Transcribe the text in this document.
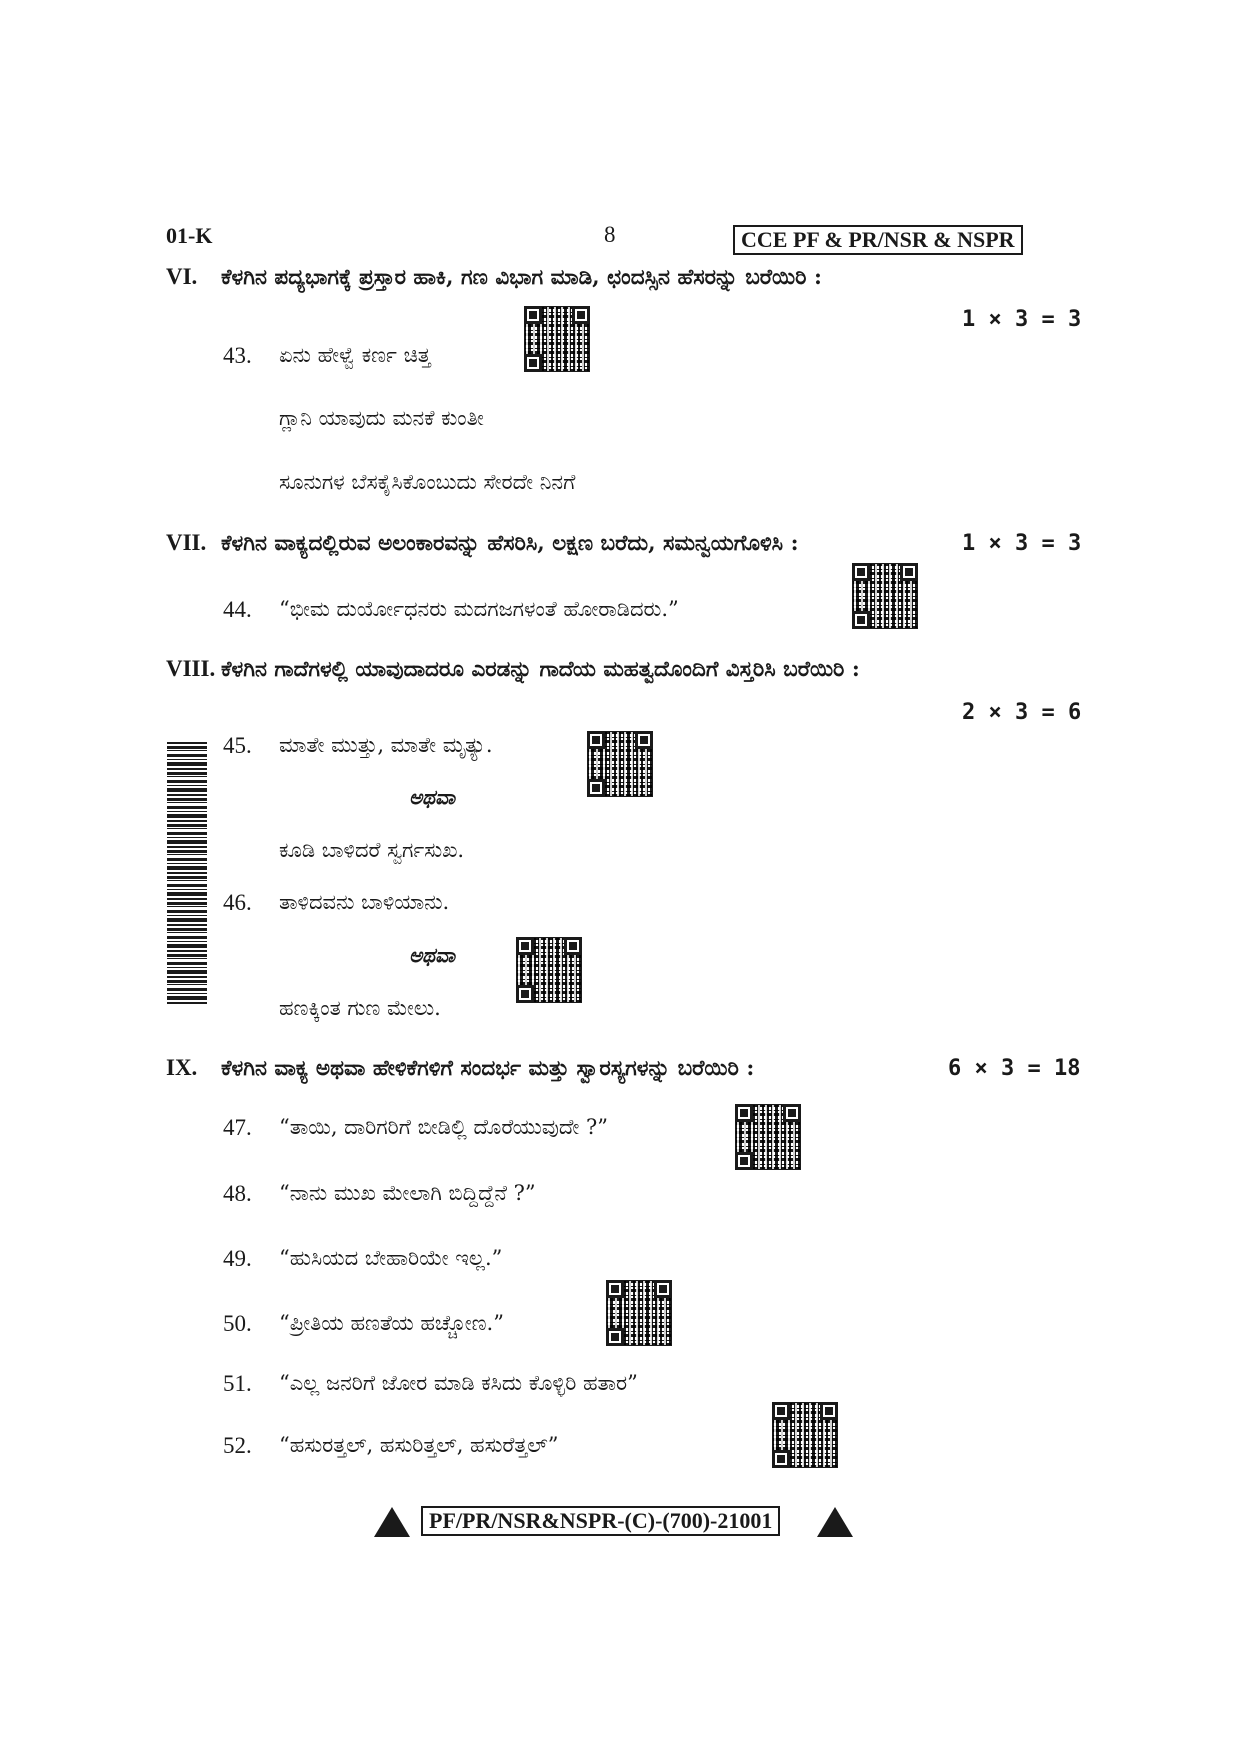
01-K	8	CCE PF & PR/NSR & NSPR
VI. ಕೆಳಗಿನ ಪದ್ಯಭಾಗಕ್ಕೆ ಪ್ರಸ್ತಾರ ಹಾಕಿ, ಗಣ ವಿಭಾಗ ಮಾಡಿ, ಛಂದಸ್ಸಿನ ಹೆಸರನ್ನು ಬರೆಯಿರಿ :
1 × 3 = 3
43. ಏನು ಹೇಳ್ವೆ ಕರ್ಣ ಚಿತ್ತ
ಗ್ಲಾನಿ ಯಾವುದು ಮನಕೆ ಕುಂತೀ
ಸೂನುಗಳ ಬೆಸಕೈಸಿಕೊಂಬುದು ಸೇರದೇ ನಿನಗೆ
VII. ಕೆಳಗಿನ ವಾಕ್ಯದಲ್ಲಿರುವ ಅಲಂಕಾರವನ್ನು ಹೆಸರಿಸಿ, ಲಕ್ಷಣ ಬರೆದು, ಸಮನ್ವಯಗೊಳಿಸಿ :	1 × 3 = 3
44. “ಭೀಮ ದುರ್ಯೋಧನರು ಮದಗಜಗಳಂತೆ ಹೋರಾಡಿದರು.”
VIII. ಕೆಳಗಿನ ಗಾದೆಗಳಲ್ಲಿ ಯಾವುದಾದರೂ ಎರಡನ್ನು ಗಾದೆಯ ಮಹತ್ವದೊಂದಿಗೆ ವಿಸ್ತರಿಸಿ ಬರೆಯಿರಿ :
2 × 3 = 6
45. ಮಾತೇ ಮುತ್ತು, ಮಾತೇ ಮೃತ್ಯು.
ಅಥವಾ
ಕೂಡಿ ಬಾಳಿದರೆ ಸ್ವರ್ಗಸುಖ.
46. ತಾಳಿದವನು ಬಾಳಿಯಾನು.
ಅಥವಾ
ಹಣಕ್ಕಿಂತ ಗುಣ ಮೇಲು.
IX. ಕೆಳಗಿನ ವಾಕ್ಯ ಅಥವಾ ಹೇಳಿಕೆಗಳಿಗೆ ಸಂದರ್ಭ ಮತ್ತು ಸ್ವಾರಸ್ಯಗಳನ್ನು ಬರೆಯಿರಿ :	6 × 3 = 18
47. “ತಾಯಿ, ದಾರಿಗರಿಗೆ ಬೀಡಿಲ್ಲಿ ದೊರೆಯುವುದೇ ?”
48. “ನಾನು ಮುಖ ಮೇಲಾಗಿ ಬಿದ್ದಿದ್ದೆನೆ ?”
49. “ಹುಸಿಯದ ಬೇಹಾರಿಯೇ ಇಲ್ಲ.”
50. “ಪ್ರೀತಿಯ ಹಣತೆಯ ಹಚ್ಚೋಣ.”
51. “ಎಲ್ಲ ಜನರಿಗೆ ಜೋರ ಮಾಡಿ ಕಸಿದು ಕೊಳ್ಳಿರಿ ಹತಾರ”
52. “ಹಸುರತ್ತಲ್, ಹಸುರಿತ್ತಲ್, ಹಸುರೆತ್ತಲ್”
PF/PR/NSR&NSPR-(C)-(700)-21001
